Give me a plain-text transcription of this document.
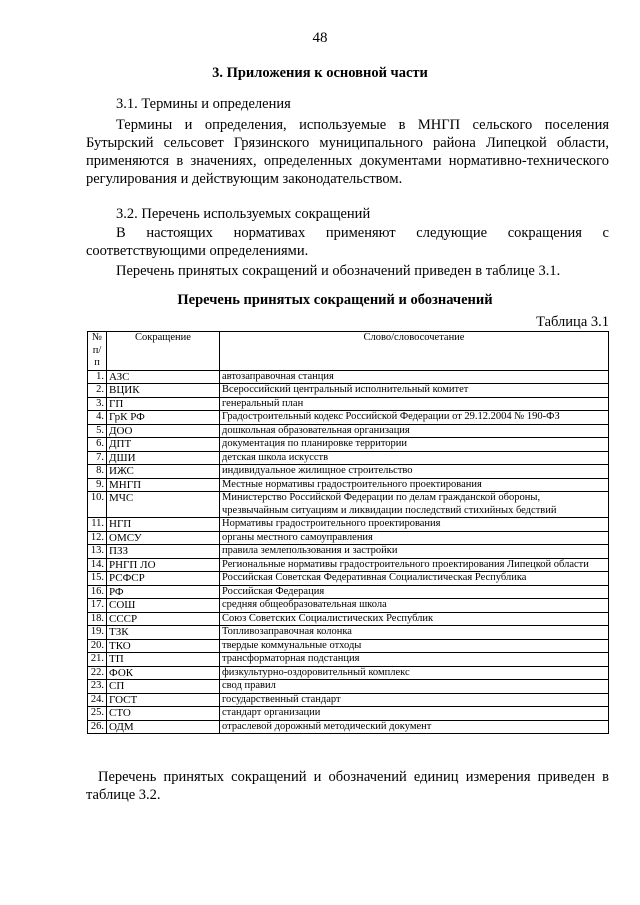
48
3. Приложения к основной части
3.1. Термины и определения
Термины и определения, используемые в МНГП сельского поселения Бутырский сельсовет Грязинского муниципального района Липецкой области, применяются в значениях, определенных документами нормативно-технического регулирования и действующим законодательством.
3.2. Перечень используемых сокращений
В настоящих нормативах применяют следующие сокращения с соответствующими определениями.
Перечень принятых сокращений и обозначений приведен в таблице 3.1.
Перечень принятых сокращений и обозначений
Таблица 3.1
№ п/п	Сокращение	Слово/словосочетание
1.	АЗС	автозаправочная станция
2.	ВЦИК	Всероссийский центральный исполнительный комитет
3.	ГП	генеральный план
4.	ГрК РФ	Градостроительный кодекс Российской Федерации от 29.12.2004 № 190-ФЗ
5.	ДОО	дошкольная образовательная организация
6.	ДПТ	документация по планировке территории
7.	ДШИ	детская школа искусств
8.	ИЖС	индивидуальное жилищное строительство
9.	МНГП	Местные нормативы градостроительного проектирования
10.	МЧС	Министерство Российской Федерации по делам гражданской обороны, чрезвычайным ситуациям и ликвидации последствий стихийных бедствий
11.	НГП	Нормативы градостроительного проектирования
12.	ОМСУ	органы местного самоуправления
13.	ПЗЗ	правила землепользования и застройки
14.	РНГП ЛО	Региональные нормативы градостроительного проектирования Липецкой области
15.	РСФСР	Российская Советская Федеративная Социалистическая Республика
16.	РФ	Российская Федерация
17.	СОШ	средняя общеобразовательная школа
18.	СССР	Союз Советских Социалистических Республик
19.	ТЗК	Топливозаправочная колонка
20.	ТКО	твердые коммунальные отходы
21.	ТП	трансформаторная подстанция
22.	ФОК	физкультурно-оздоровительный комплекс
23.	СП	свод правил
24.	ГОСТ	государственный стандарт
25.	СТО	стандарт организации
26.	ОДМ	отраслевой дорожный методический документ
Перечень принятых сокращений и обозначений единиц измерения приведен в таблице 3.2.
